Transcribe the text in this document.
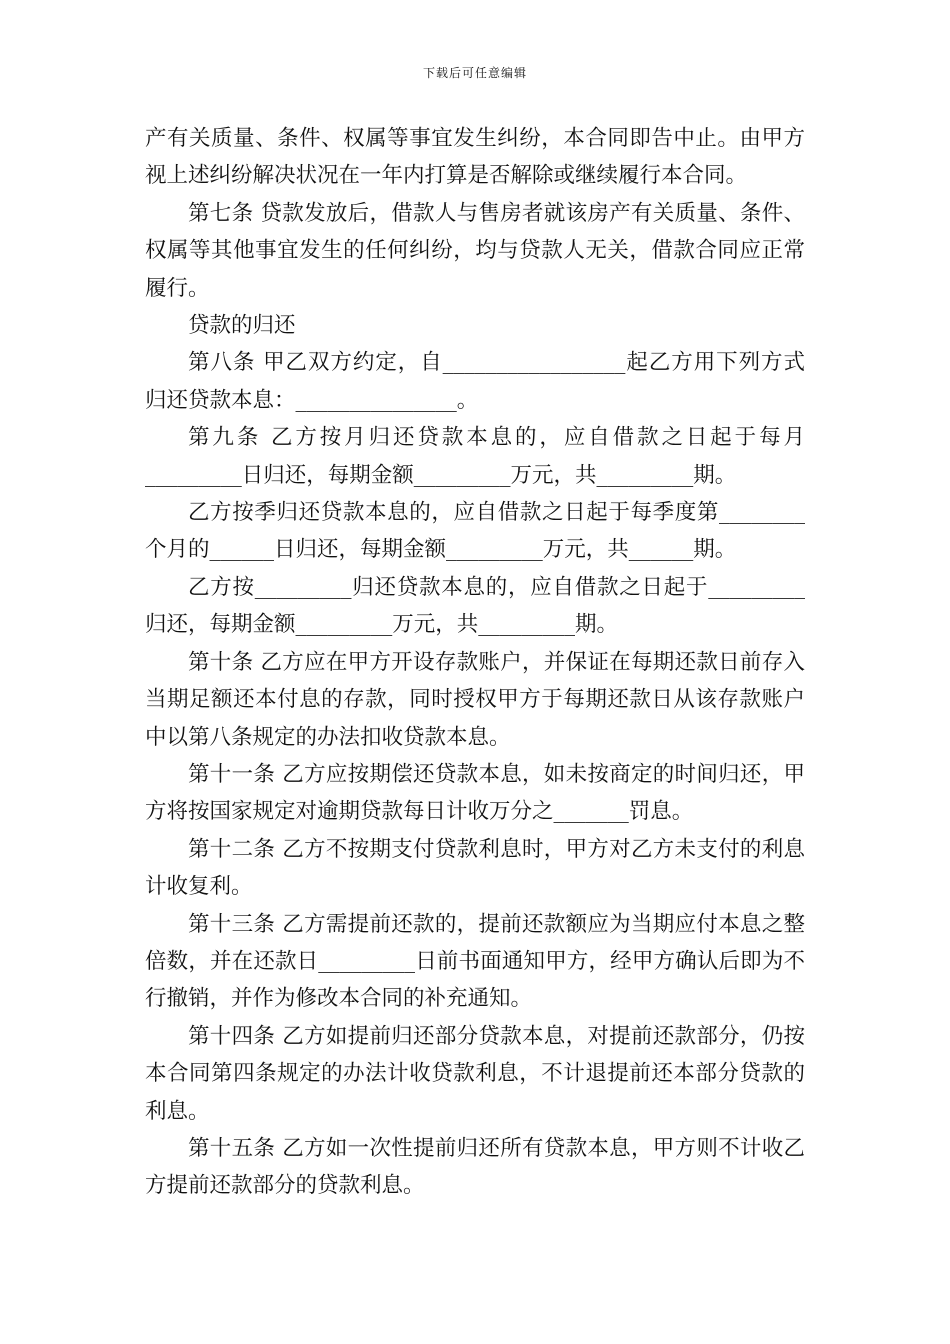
下载后可任意编辑

产有关质量、条件、权属等事宜发生纠纷，本合同即告中止。由甲方视上述纠纷解决状况在一年内打算是否解除或继续履行本合同。

第七条 贷款发放后，借款人与售房者就该房产有关质量、条件、权属等其他事宜发生的任何纠纷，均与贷款人无关，借款合同应正常履行。

贷款的归还

第八条 甲乙双方约定，自_________________起乙方用下列方式归还贷款本息：_______________。

第九条 乙方按月归还贷款本息的，应自借款之日起于每月_________日归还，每期金额_________万元，共_________期。

乙方按季归还贷款本息的，应自借款之日起于每季度第________个月的______日归还，每期金额_________万元，共______期。

乙方按_________归还贷款本息的，应自借款之日起于_________归还，每期金额_________万元，共_________期。

第十条 乙方应在甲方开设存款账户，并保证在每期还款日前存入当期足额还本付息的存款，同时授权甲方于每期还款日从该存款账户中以第八条规定的办法扣收贷款本息。

第十一条 乙方应按期偿还贷款本息，如未按商定的时间归还，甲方将按国家规定对逾期贷款每日计收万分之_______罚息。

第十二条 乙方不按期支付贷款利息时，甲方对乙方未支付的利息计收复利。

第十三条 乙方需提前还款的，提前还款额应为当期应付本息之整倍数，并在还款日_________日前书面通知甲方，经甲方确认后即为不行撤销，并作为修改本合同的补充通知。

第十四条 乙方如提前归还部分贷款本息，对提前还款部分，仍按本合同第四条规定的办法计收贷款利息，不计退提前还本部分贷款的利息。

第十五条 乙方如一次性提前归还所有贷款本息，甲方则不计收乙方提前还款部分的贷款利息。
